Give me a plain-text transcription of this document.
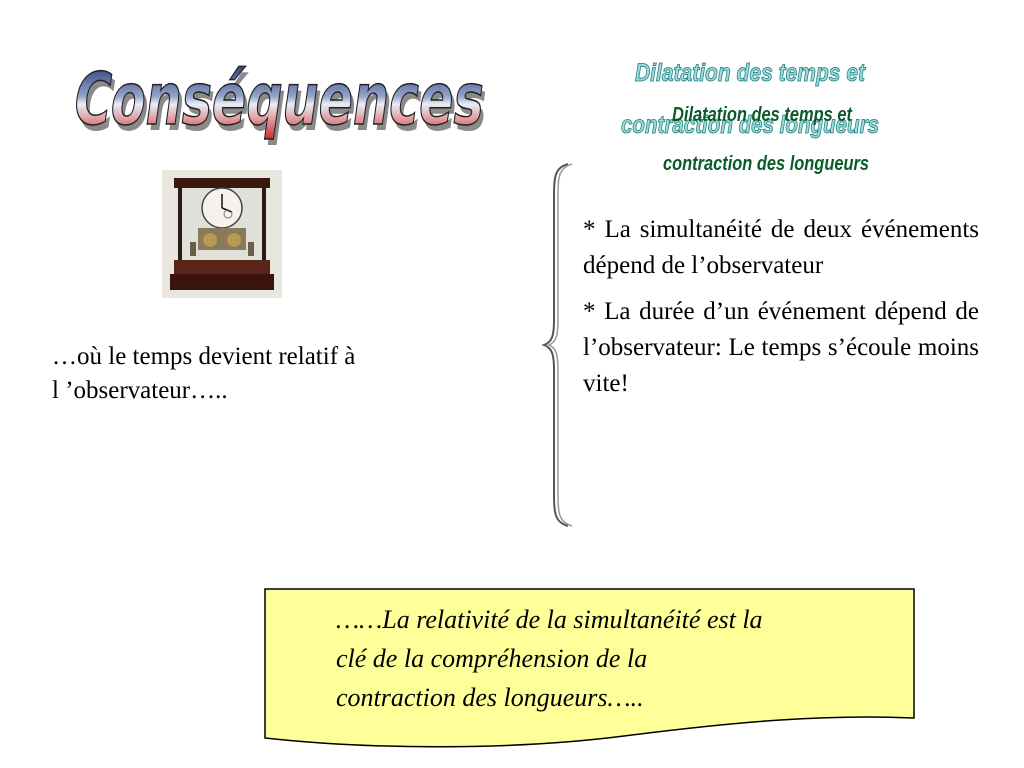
Conséquences
Conséquences
Dilatation des temps et
contraction des longueurs
Dilatation des temps et
contraction des longueurs
…où le temps devient relatif à
l ’observateur…..

* La simultanéité de deux événements dépend de l’observateur

* La durée d’un événement dépend de l’observateur: Le temps s’écoule moins vite!

……La relativité de la simultanéité est la
clé de la compréhension de la
contraction des longueurs…..
